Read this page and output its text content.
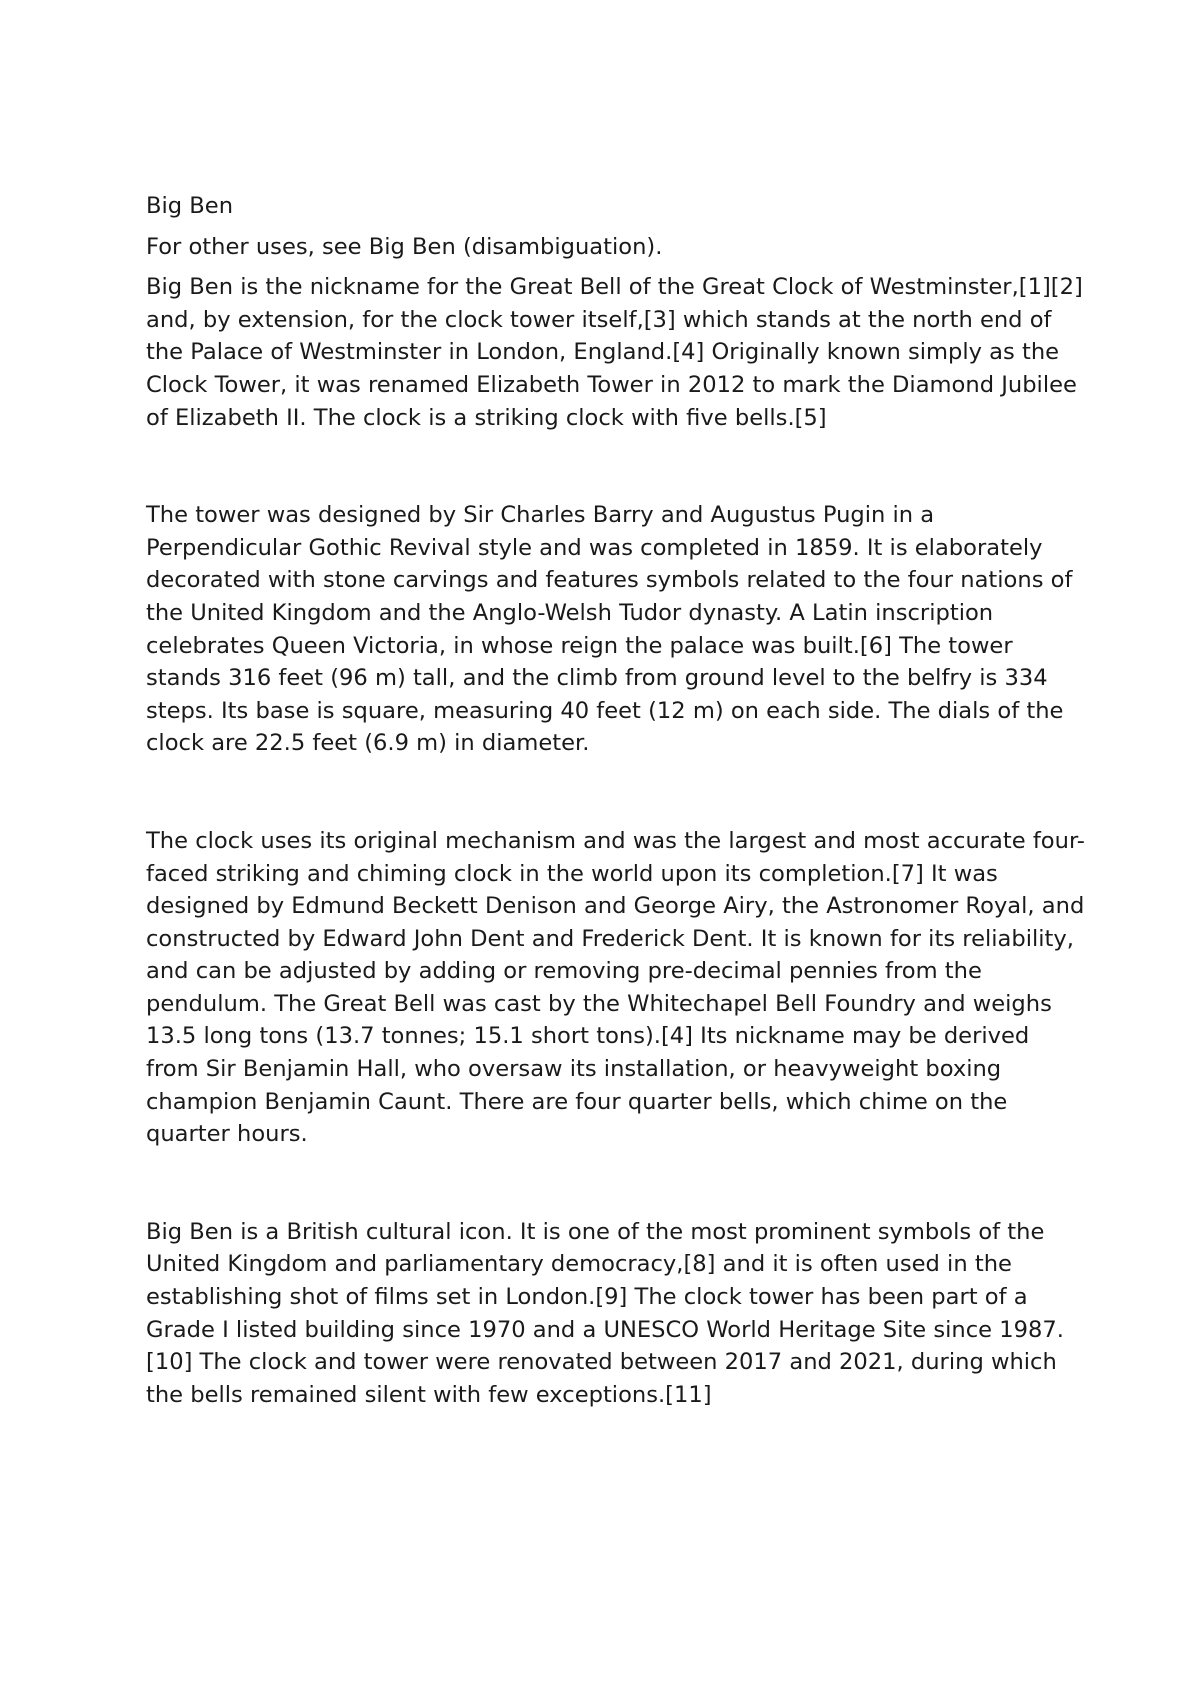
Big Ben
For other uses, see Big Ben (disambiguation).

Big Ben is the nickname for the Great Bell of the Great Clock of Westminster,[1][2] and, by extension, for the clock tower itself,[3] which stands at the north end of the Palace of Westminster in London, England.[4] Originally known simply as the Clock Tower, it was renamed Elizabeth Tower in 2012 to mark the Diamond Jubilee of Elizabeth II. The clock is a striking clock with five bells.[5]

The tower was designed by Sir Charles Barry and Augustus Pugin in a Perpendicular Gothic Revival style and was completed in 1859. It is elaborately decorated with stone carvings and features symbols related to the four nations of the United Kingdom and the Anglo-Welsh Tudor dynasty. A Latin inscription celebrates Queen Victoria, in whose reign the palace was built.[6] The tower stands 316 feet (96 m) tall, and the climb from ground level to the belfry is 334 steps. Its base is square, measuring 40 feet (12 m) on each side. The dials of the clock are 22.5 feet (6.9 m) in diameter.

The clock uses its original mechanism and was the largest and most accurate four-faced striking and chiming clock in the world upon its completion.[7] It was designed by Edmund Beckett Denison and George Airy, the Astronomer Royal, and constructed by Edward John Dent and Frederick Dent. It is known for its reliability, and can be adjusted by adding or removing pre-decimal pennies from the pendulum. The Great Bell was cast by the Whitechapel Bell Foundry and weighs 13.5 long tons (13.7 tonnes; 15.1 short tons).[4] Its nickname may be derived from Sir Benjamin Hall, who oversaw its installation, or heavyweight boxing champion Benjamin Caunt. There are four quarter bells, which chime on the quarter hours.

Big Ben is a British cultural icon. It is one of the most prominent symbols of the United Kingdom and parliamentary democracy,[8] and it is often used in the establishing shot of films set in London.[9] The clock tower has been part of a Grade I listed building since 1970 and a UNESCO World Heritage Site since 1987.[10] The clock and tower were renovated between 2017 and 2021, during which the bells remained silent with few exceptions.[11]
